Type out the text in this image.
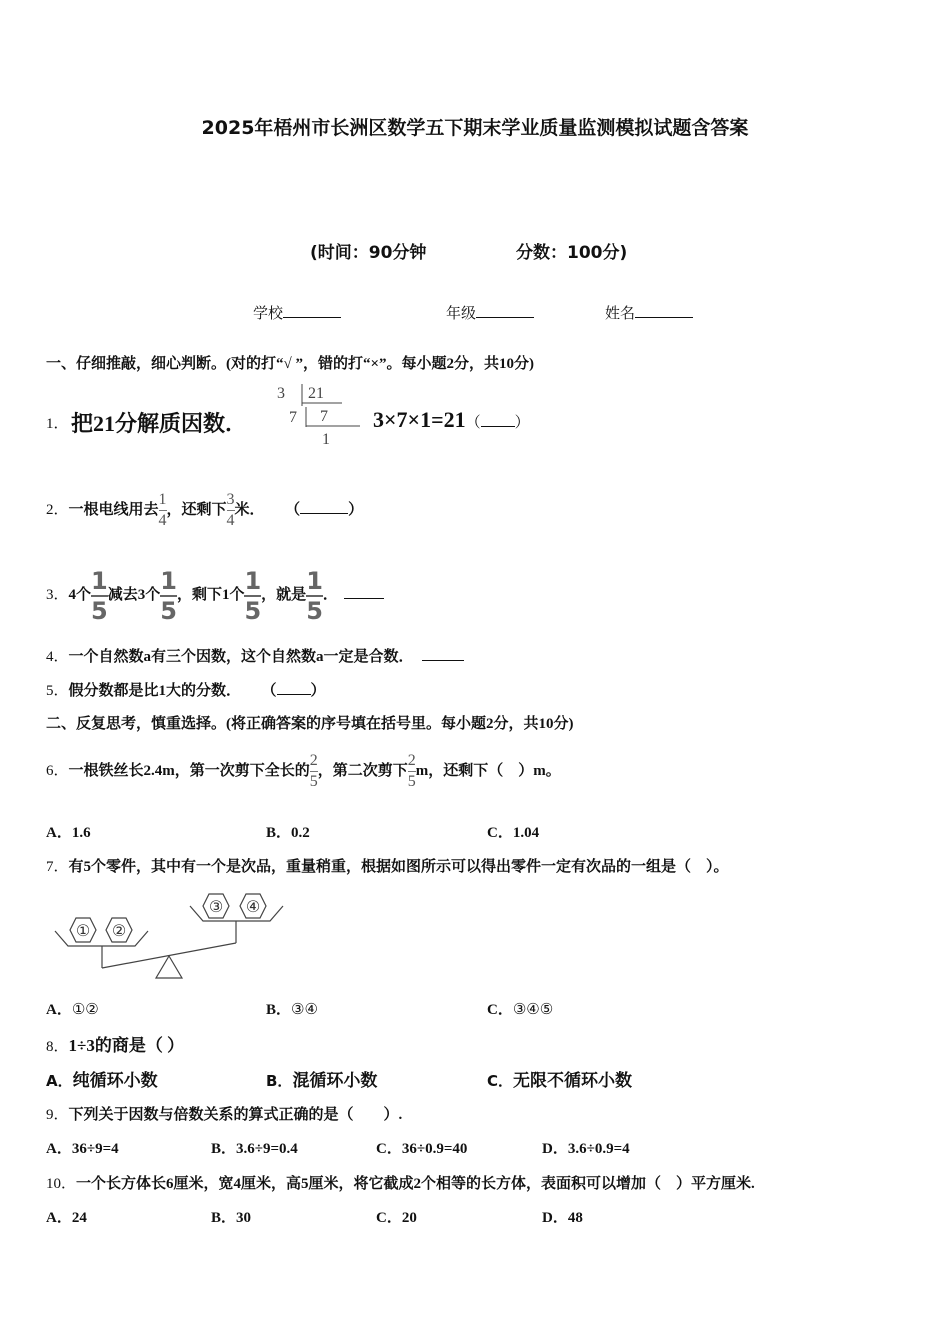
2025年梧州市长洲区数学五下期末学业质量监测模拟试题含答案
(时间：90分钟	分数：100分)
学校	年级	姓名
一、仔细推敲，细心判断。(对的打“√ ”，错的打“×”。每小题2分，共10分)
1． 把21分解质因数．
3 21
7 7
1
3×7×1=21（ ）
2．一根电线用去 $\frac{1}{4}$ ，还剩下 $\frac{3}{4}$ 米． （	）
3．4个 $\frac{1}{5}$ 减去3个 $\frac{1}{5}$ ，剩下1个 $\frac{1}{5}$ ，就是 $\frac{1}{5}$ ．
4．一个自然数a有三个因数，这个自然数a一定是合数．
5．假分数都是比1大的分数． （ ）
二、反复思考，慎重选择。(将正确答案的序号填在括号里。每小题2分，共10分)
6．一根铁丝长2.4m，第一次剪下全长的 $\frac{2}{5}$ ，第二次剪下 $\frac{2}{5}$ m，还剩下（　）m。
A．1.6	B．0.2	C．1.04
7．有5个零件，其中有一个是次品，重量稍重，根据如图所示可以得出零件一定有次品的一组是（　）。
① ②
③ ④
A．①②	B．③④	C．③④⑤
8．1÷3的商是（ ）
A．纯循环小数	B．混循环小数	C．无限不循环小数
9．下列关于因数与倍数关系的算式正确的是（　　）.
A．36÷9=4	B．3.6÷9=0.4	C．36÷0.9=40	D．3.6÷0.9=4
10．一个长方体长6厘米，宽4厘米，高5厘米，将它截成2个相等的长方体，表面积可以增加（　）平方厘米.
A．24	B．30	C．20	D．48
